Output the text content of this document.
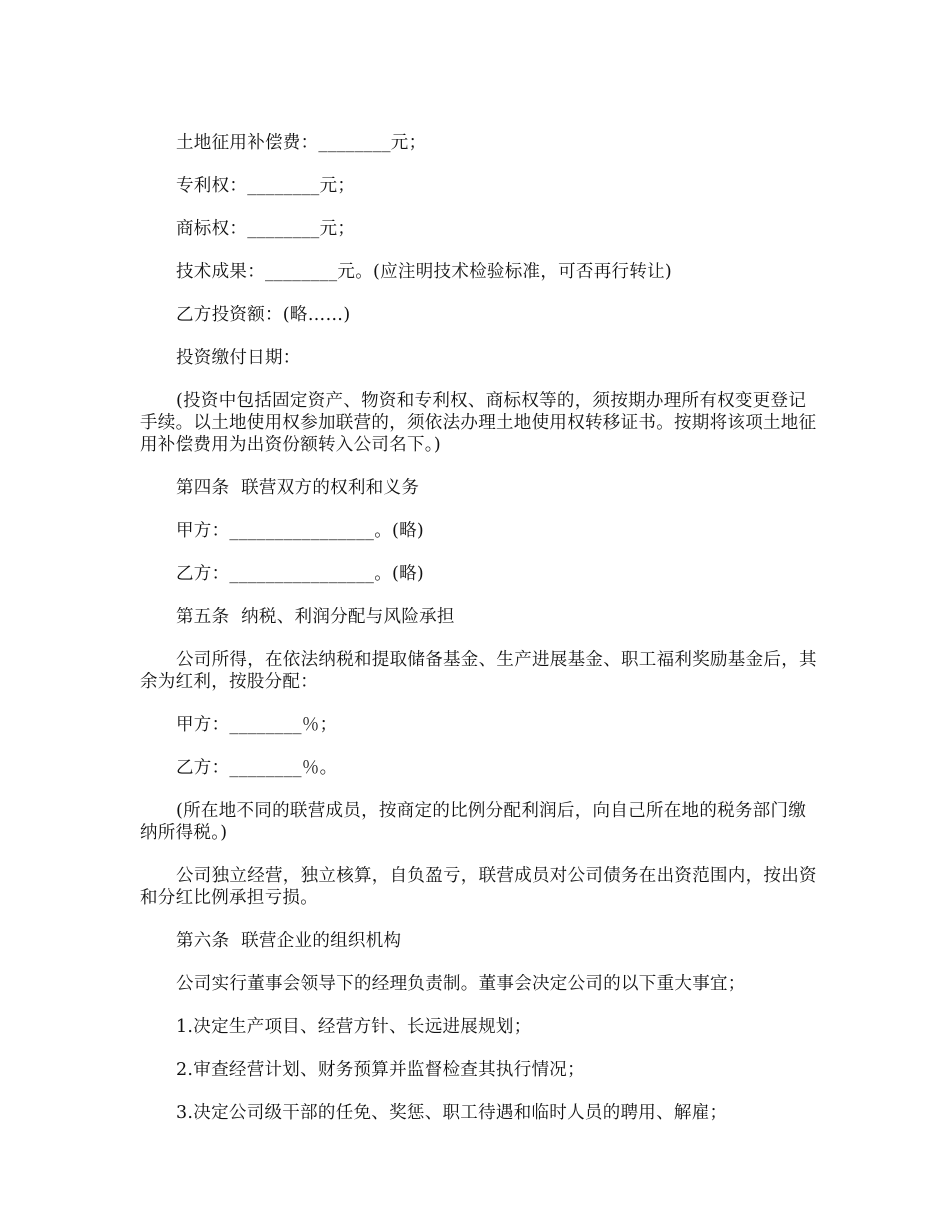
土地征用补偿费：________元；

专利权：________元；

商标权：________元；

技术成果：________元。(应注明技术检验标准，可否再行转让)

乙方投资额：(略……)

投资缴付日期：

(投资中包括固定资产、物资和专利权、商标权等的，须按期办理所有权变更登记手续。以土地使用权参加联营的，须依法办理土地使用权转移证书。按期将该项土地征用补偿费用为出资份额转入公司名下。)

第四条  联营双方的权利和义务

甲方：________________。(略)

乙方：________________。(略)

第五条  纳税、利润分配与风险承担

公司所得，在依法纳税和提取储备基金、生产进展基金、职工福利奖励基金后，其余为红利，按股分配：

甲方：________％；

乙方：________％。

(所在地不同的联营成员，按商定的比例分配利润后，向自己所在地的税务部门缴纳所得税。)

公司独立经营，独立核算，自负盈亏，联营成员对公司债务在出资范围内，按出资和分红比例承担亏损。

第六条  联营企业的组织机构

公司实行董事会领导下的经理负责制。董事会决定公司的以下重大事宜；

1.决定生产项目、经营方针、长远进展规划；

2.审查经营计划、财务预算并监督检查其执行情况；

3.决定公司级干部的任免、奖惩、职工待遇和临时人员的聘用、解雇；
